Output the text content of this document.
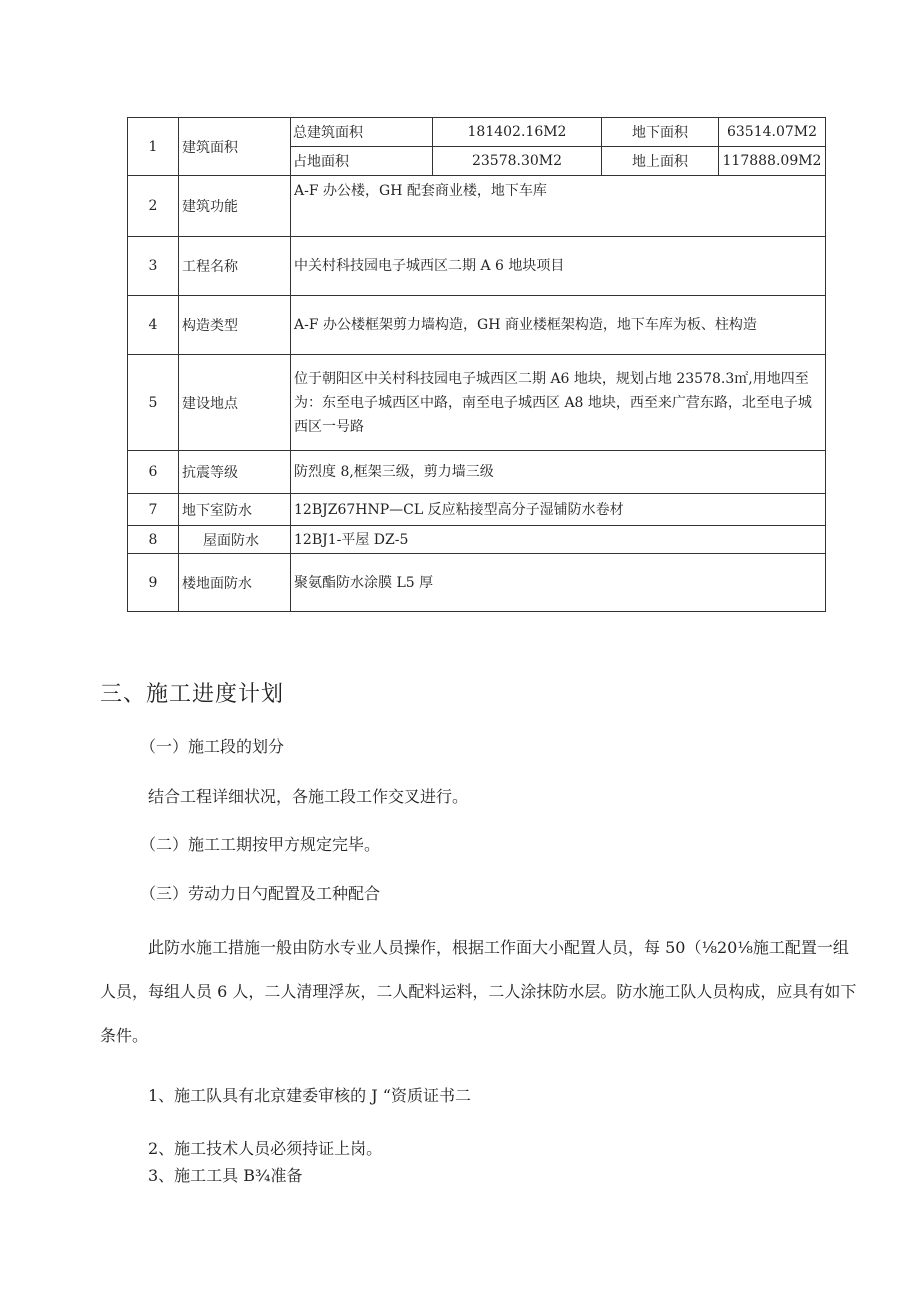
1	建筑面积	总建筑面积	181402.16M2	地下面积	63514.07M2
		占地面积	23578.30M2	地上面积	117888.09M2
2	建筑功能	A-F 办公楼，GH 配套商业楼，地下车库			
3	工程名称	中关村科技园电子城西区二期 A 6 地块项目			
4	构造类型	A-F 办公楼框架剪力墙构造，GH 商业楼框架构造，地下车库为板、柱构造			
5	建设地点	位于朝阳区中关村科技园电子城西区二期 A6 地块，规划占地 23578.3㎡,用地四至为：东至电子城西区中路，南至电子城西区 A8 地块，西至来广营东路，北至电子城西区一号路			
6	抗震等级	防烈度 8,框架三级，剪力墙三级			
7	地下室防水	12BJZ67HNP—CL 反应粘接型高分子湿铺防水卷材			
8	屋面防水	12BJ1-平屋 DZ-5			
9	楼地面防水	聚氨酯防水涂膜 L5 厚			
三、施工进度计划
（一）施工段的划分
结合工程详细状况，各施工段工作交叉进行。
（二）施工工期按甲方规定完毕。
（三）劳动力日勺配置及工种配合
此防水施工措施一般由防水专业人员操作，根据工作面大小配置人员，每 50（⅛20⅛施工配置一组人员，每组人员 6 人，二人清理浮灰，二人配料运料，二人涂抹防水层。防水施工队人员构成，应具有如下条件。
1、施工队具有北京建委审核的 J “资质证书二
2、施工技术人员必须持证上岗。
3、施工工具 B¾准备
